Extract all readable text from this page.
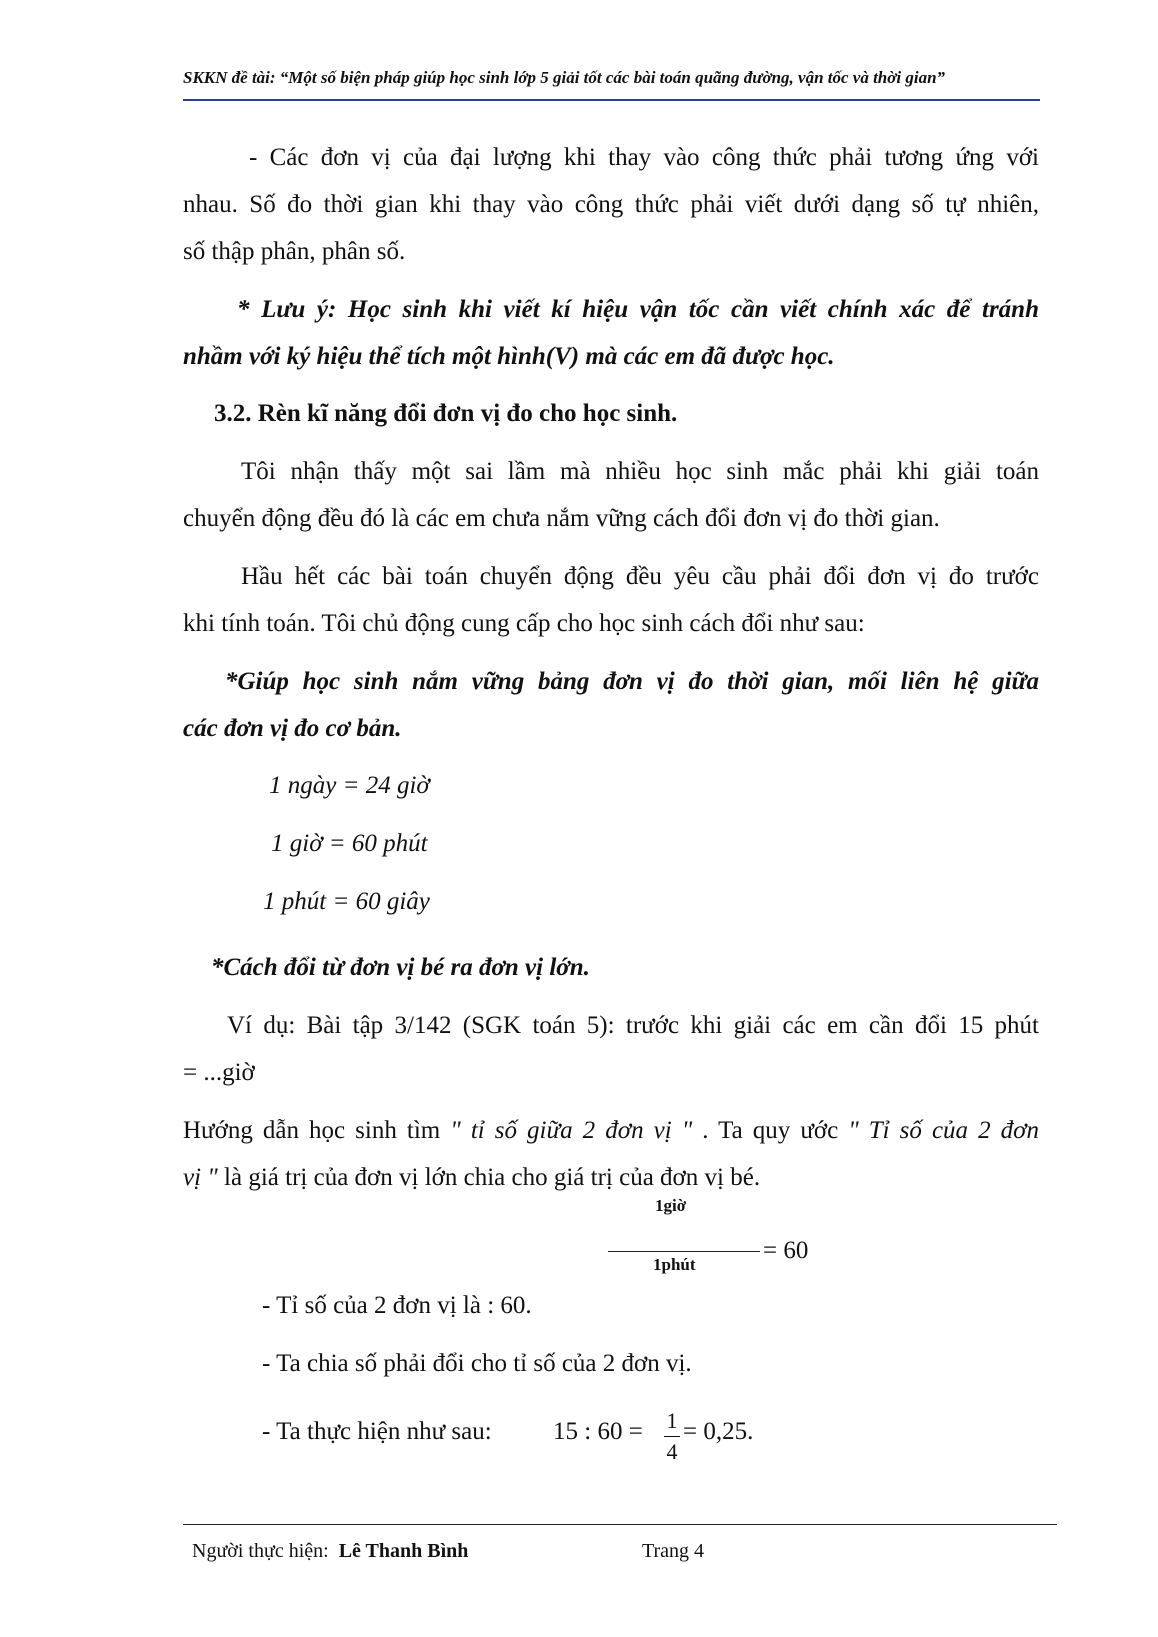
SKKN đề tài: “Một số biện pháp giúp học sinh lớp 5 giải tốt các bài toán quãng đường, vận tốc và thời gian”
- Các đơn vị của đại lượng khi thay vào công thức phải tương ứng với
nhau. Số đo thời gian khi thay vào công thức phải viết dưới dạng số tự nhiên,
số thập phân, phân số.
* Lưu ý: Học sinh khi viết kí hiệu vận tốc cần viết chính xác để tránh
nhầm với ký hiệu thể tích một hình(V) mà các em đã được học.
3.2. Rèn kĩ năng đổi đơn vị đo cho học sinh.
Tôi nhận thấy một sai lầm mà nhiều học sinh mắc phải khi giải toán
chuyển động đều đó là các em chưa nắm vững cách đổi đơn vị đo thời gian.
Hầu hết các bài toán chuyển động đều yêu cầu phải đổi đơn vị đo trước
khi tính toán. Tôi chủ động cung cấp cho học sinh cách đổi như sau:
*Giúp học sinh nắm vững bảng đơn vị đo thời gian, mối liên hệ giữa
các đơn vị đo cơ bản.
1 ngày = 24 giờ
1 giờ = 60 phút
1 phút = 60 giây
*Cách đổi từ đơn vị bé ra đơn vị lớn.
Ví dụ: Bài tập 3/142 (SGK toán 5): trước khi giải các em cần đổi 15 phút
= ...giờ
Hướng dẫn học sinh tìm " tỉ số giữa 2 đơn vị " . Ta quy ước " Tỉ số của 2 đơn
vị " là giá trị của đơn vị lớn chia cho giá trị của đơn vị bé.
1giờ
1phút
= 60
- Tỉ số của 2 đơn vị là : 60.
- Ta chia số phải đổi cho tỉ số của 2 đơn vị.
- Ta thực hiện như sau: 15 : 60 = 1
4
= 0,25.
Người thực hiện: Lê Thanh Bình	Trang 4
